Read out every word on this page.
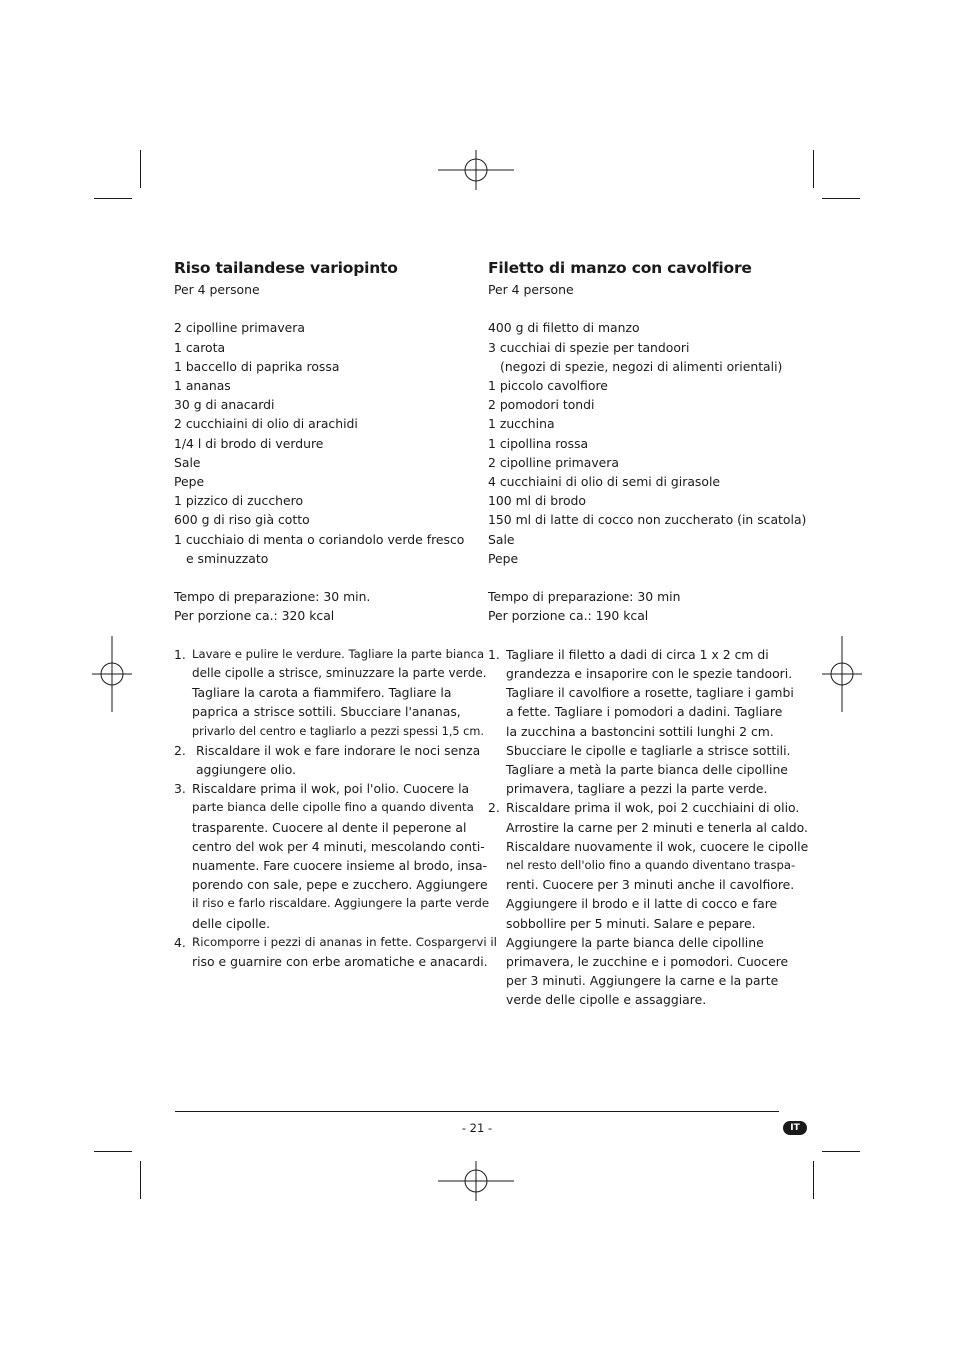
Riso tailandese variopinto
Per 4 persone
2 cipolline primavera
1 carota
1 baccello di paprika rossa
1 ananas
30 g di anacardi
2 cucchiaini di olio di arachidi
1/4 l di brodo di verdure
Sale
Pepe
1 pizzico di zucchero
600 g di riso già cotto
1 cucchiaio di menta o coriandolo verde fresco
e sminuzzato
Tempo di preparazione: 30 min.
Per porzione ca.: 320 kcal
1. Lavare e pulire le verdure. Tagliare la parte bianca
delle cipolle a strisce, sminuzzare la parte verde.
Tagliare la carota a fiammifero. Tagliare la
paprica a strisce sottili. Sbucciare l'ananas,
privarlo del centro e tagliarlo a pezzi spessi 1,5 cm.
2. Riscaldare il wok e fare indorare le noci senza
aggiungere olio.
3. Riscaldare prima il wok, poi l'olio. Cuocere la
parte bianca delle cipolle fino a quando diventa
trasparente. Cuocere al dente il peperone al
centro del wok per 4 minuti, mescolando conti-
nuamente. Fare cuocere insieme al brodo, insa-
porendo con sale, pepe e zucchero. Aggiungere
il riso e farlo riscaldare. Aggiungere la parte verde
delle cipolle.
4. Ricomporre i pezzi di ananas in fette. Cospargervi il
riso e guarnire con erbe aromatiche e anacardi.
Filetto di manzo con cavolfiore
Per 4 persone
400 g di filetto di manzo
3 cucchiai di spezie per tandoori
(negozi di spezie, negozi di alimenti orientali)
1 piccolo cavolfiore
2 pomodori tondi
1 zucchina
1 cipollina rossa
2 cipolline primavera
4 cucchiaini di olio di semi di girasole
100 ml di brodo
150 ml di latte di cocco non zuccherato (in scatola)
Sale
Pepe
Tempo di preparazione: 30 min
Per porzione ca.: 190 kcal
1. Tagliare il filetto a dadi di circa 1 x 2 cm di
grandezza e insaporire con le spezie tandoori.
Tagliare il cavolfiore a rosette, tagliare i gambi
a fette. Tagliare i pomodori a dadini. Tagliare
la zucchina a bastoncini sottili lunghi 2 cm.
Sbucciare le cipolle e tagliarle a strisce sottili.
Tagliare a metà la parte bianca delle cipolline
primavera, tagliare a pezzi la parte verde.
2. Riscaldare prima il wok, poi 2 cucchiaini di olio.
Arrostire la carne per 2 minuti e tenerla al caldo.
Riscaldare nuovamente il wok, cuocere le cipolle
nel resto dell'olio fino a quando diventano traspa-
renti. Cuocere per 3 minuti anche il cavolfiore.
Aggiungere il brodo e il latte di cocco e fare
sobbollire per 5 minuti. Salare e pepare.
Aggiungere la parte bianca delle cipolline
primavera, le zucchine e i pomodori. Cuocere
per 3 minuti. Aggiungere la carne e la parte
verde delle cipolle e assaggiare.
- 21 -	IT
